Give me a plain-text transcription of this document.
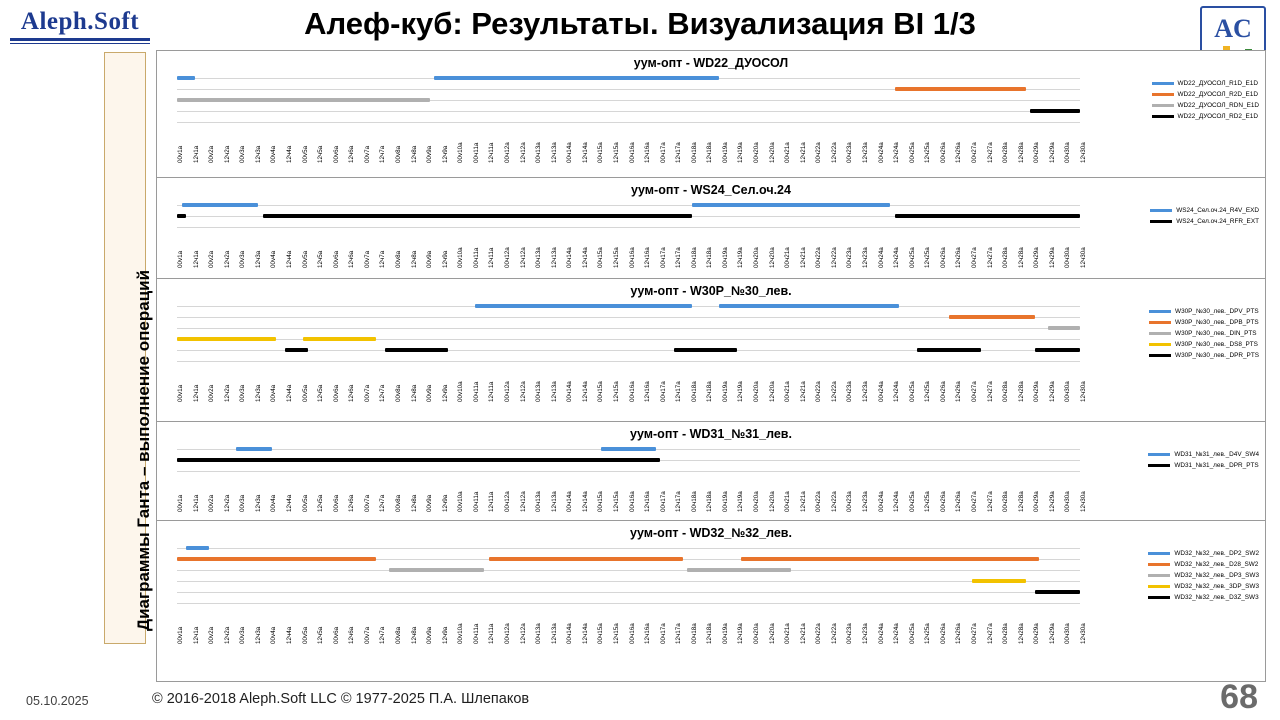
Aleph.Soft	Алеф-куб: Результаты. Визуализация BI 1/3	AC
Диаграммы Ганта – выполнение операций
уум-опт - WD22_ДУОСОЛ
00v1a 12ч1а 00v2a 12ч2а 00v3a 12ч3а 00v4a 12ч4а 00v5a 12ч5а 00v6a 12ч6а 00v7a 12ч7а 00v8a 12ч8а 00v9a 12ч9а 00v10a 00ч11а 12ч11а 00ч12а 12ч12а 00ч13а 12ч13а 00ч14а 12ч14а 00ч15а 12ч15а 00ч16а 12ч16а 00ч17а 12ч17а 00ч18а 12ч18а 00ч19а 12ч19а 00ч20а 12ч20а 00ч21а 12ч21а 00ч22а 12ч22а 00ч23а 12ч23а 00ч24а 12ч24а 00ч25а 12ч25а 00ч26а 12ч26а 00ч27а 12ч27а 00ч28а 12ч28а 00ч29а 12ч29а 00ч30а 12ч30а
WD22_ДУОСОЛ_R1D_E1D
WD22_ДУОСОЛ_R2D_E1D
WD22_ДУОСОЛ_RDN_E1D
WD22_ДУОСОЛ_RD2_E1D
уум-опт - WS24_Сел.оч.24
00v1a 12ч1а 00v2a 12ч2а 00v3a 12ч3а 00v4a 12ч4а 00v5a 12ч5а 00v6a 12ч6а 00v7a 12ч7а 00v8a 12ч8а 00v9a 12ч9а 00v10a 00ч11а 12ч11а 00ч12а 12ч12а 00ч13а 12ч13а 00ч14а 12ч14а 00ч15а 12ч15а 00ч16а 12ч16а 00ч17а 12ч17а 00ч18а 12ч18а 00ч19а 12ч19а 00ч20а 12ч20а 00ч21а 12ч21а 00ч22а 12ч22а 00ч23а 12ч23а 00ч24а 12ч24а 00ч25а 12ч25а 00ч26а 12ч26а 00ч27а 12ч27а 00ч28а 12ч28а 00ч29а 12ч29а 00ч30а 12ч30а
WS24_Сел.оч.24_R4V_EXD
WS24_Сел.оч.24_RFR_EXT
уум-опт - W30P_№30_лев.
00v1a 12ч1а 00v2a 12ч2а 00v3a 12ч3а 00v4a 12ч4а 00v5a 12ч5а 00v6a 12ч6а 00v7a 12ч7а 00v8a 12ч8а 00v9a 12ч9а 00v10a 00ч11а 12ч11а 00ч12а 12ч12а 00ч13а 12ч13а 00ч14а 12ч14а 00ч15а 12ч15а 00ч16а 12ч16а 00ч17а 12ч17а 00ч18а 12ч18а 00ч19а 12ч19а 00ч20а 12ч20а 00ч21а 12ч21а 00ч22а 12ч22а 00ч23а 12ч23а 00ч24а 12ч24а 00ч25а 12ч25а 00ч26а 12ч26а 00ч27а 12ч27а 00ч28а 12ч28а 00ч29а 12ч29а 00ч30а 12ч30а
W30P_№30_лев._DPV_PTS
W30P_№30_лев._DPB_PTS
W30P_№30_лев._DIN_PTS
W30P_№30_лев._DS8_PTS
W30P_№30_лев._DPR_PTS
уум-опт - WD31_№31_лев.
00v1a 12ч1а 00v2a 12ч2а 00v3a 12ч3а 00v4a 12ч4а 00v5a 12ч5а 00v6a 12ч6а 00v7a 12ч7а 00v8a 12ч8а 00v9a 12ч9а 00v10a 00ч11а 12ч11а 00ч12а 12ч12а 00ч13а 12ч13а 00ч14а 12ч14а 00ч15а 12ч15а 00ч16а 12ч16а 00ч17а 12ч17а 00ч18а 12ч18а 00ч19а 12ч19а 00ч20а 12ч20а 00ч21а 12ч21а 00ч22а 12ч22а 00ч23а 12ч23а 00ч24а 12ч24а 00ч25а 12ч25а 00ч26а 12ч26а 00ч27а 12ч27а 00ч28а 12ч28а 00ч29а 12ч29а 00ч30а 12ч30а
WD31_№31_лев._D4V_SW4
WD31_№31_лев._DPR_PTS
уум-опт - WD32_№32_лев.
00v1a 12ч1а 00v2a 12ч2а 00v3a 12ч3а 00v4a 12ч4а 00v5a 12ч5а 00v6a 12ч6а 00v7a 12ч7а 00v8a 12ч8а 00v9a 12ч9а 00v10a 00ч11а 12ч11а 00ч12а 12ч12а 00ч13а 12ч13а 00ч14а 12ч14а 00ч15а 12ч15а 00ч16а 12ч16а 00ч17а 12ч17а 00ч18а 12ч18а 00ч19а 12ч19а 00ч20а 12ч20а 00ч21а 12ч21а 00ч22а 12ч22а 00ч23а 12ч23а 00ч24а 12ч24а 00ч25а 12ч25а 00ч26а 12ч26а 00ч27а 12ч27а 00ч28а 12ч28а 00ч29а 12ч29а 00ч30а 12ч30а
WD32_№32_лев._DP2_SW2
WD32_№32_лев._D28_SW2
WD32_№32_лев._DP3_SW3
WD32_№32_лев._3DP_SW3
WD32_№32_лев._D3Z_SW3
05.10.2025	© 2016-2018 Aleph.Soft LLC © 1977-2025 П.А. Шлепаков	68
